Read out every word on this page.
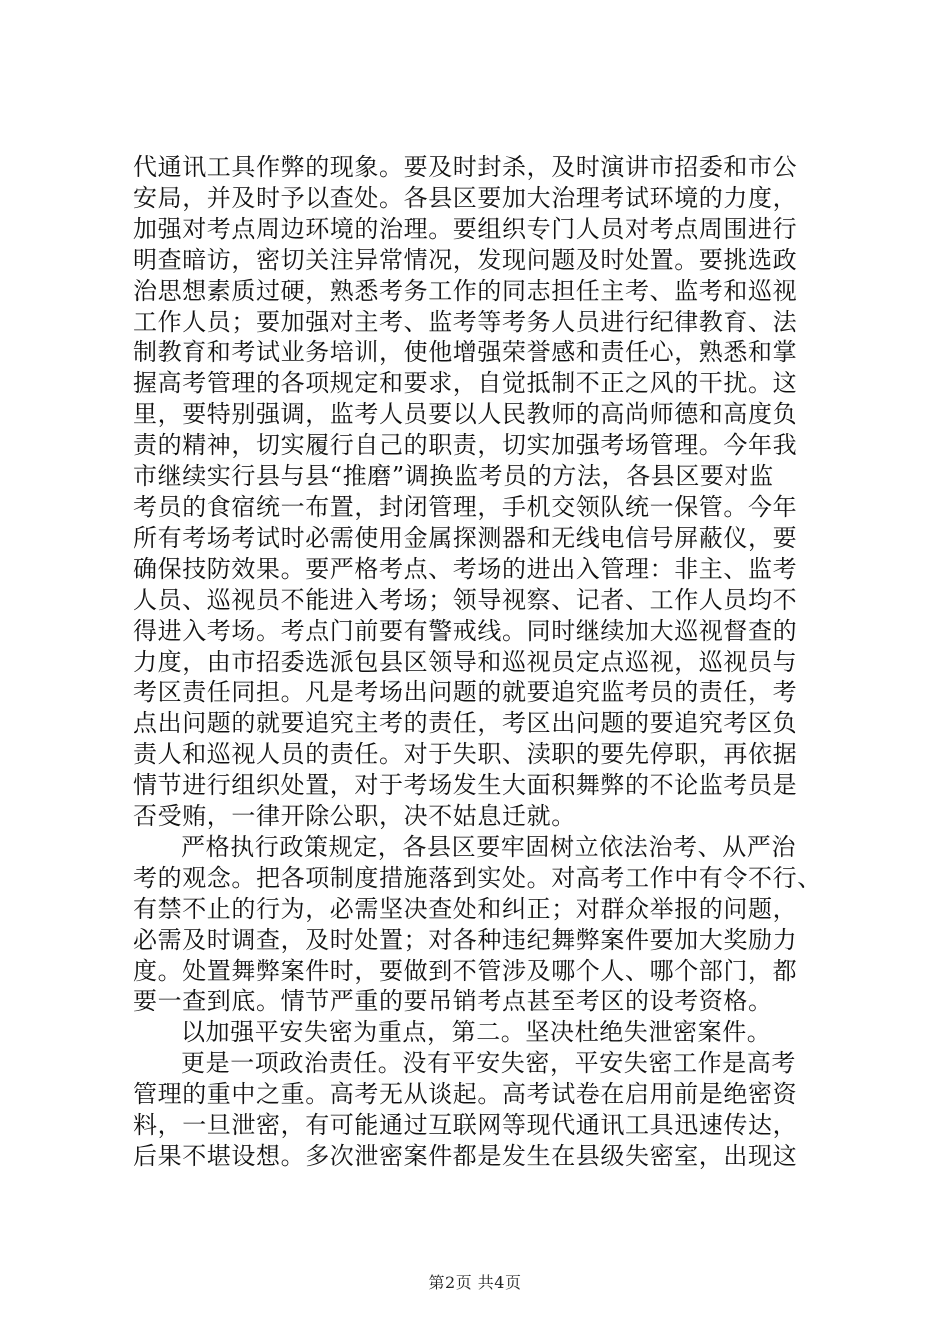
代通讯工具作弊的现象。要及时封杀，及时演讲市招委和市公
安局，并及时予以查处。各县区要加大治理考试环境的力度，
加强对考点周边环境的治理。要组织专门人员对考点周围进行
明查暗访，密切关注异常情况，发现问题及时处置。要挑选政
治思想素质过硬，熟悉考务工作的同志担任主考、监考和巡视
工作人员；要加强对主考、监考等考务人员进行纪律教育、法
制教育和考试业务培训，使他增强荣誉感和责任心，熟悉和掌
握高考管理的各项规定和要求，自觉抵制不正之风的干扰。这
里，要特别强调，监考人员要以人民教师的高尚师德和高度负
责的精神，切实履行自己的职责，切实加强考场管理。今年我
市继续实行县与县“推磨”调换监考员的方法，各县区要对监
考员的食宿统一布置，封闭管理，手机交领队统一保管。今年
所有考场考试时必需使用金属探测器和无线电信号屏蔽仪，要
确保技防效果。要严格考点、考场的进出入管理：非主、监考
人员、巡视员不能进入考场；领导视察、记者、工作人员均不
得进入考场。考点门前要有警戒线。同时继续加大巡视督查的
力度，由市招委选派包县区领导和巡视员定点巡视，巡视员与
考区责任同担。凡是考场出问题的就要追究监考员的责任，考
点出问题的就要追究主考的责任，考区出问题的要追究考区负
责人和巡视人员的责任。对于失职、渎职的要先停职，再依据
情节进行组织处置，对于考场发生大面积舞弊的不论监考员是
否受贿，一律开除公职，决不姑息迁就。
严格执行政策规定，各县区要牢固树立依法治考、从严治
考的观念。把各项制度措施落到实处。对高考工作中有令不行、
有禁不止的行为，必需坚决查处和纠正；对群众举报的问题，
必需及时调查，及时处置；对各种违纪舞弊案件要加大奖励力
度。处置舞弊案件时，要做到不管涉及哪个人、哪个部门，都
要一查到底。情节严重的要吊销考点甚至考区的设考资格。
以加强平安失密为重点，第二。坚决杜绝失泄密案件。
更是一项政治责任。没有平安失密，平安失密工作是高考
管理的重中之重。高考无从谈起。高考试卷在启用前是绝密资
料，一旦泄密，有可能通过互联网等现代通讯工具迅速传达，
后果不堪设想。多次泄密案件都是发生在县级失密室，出现这
第2页 共4页
